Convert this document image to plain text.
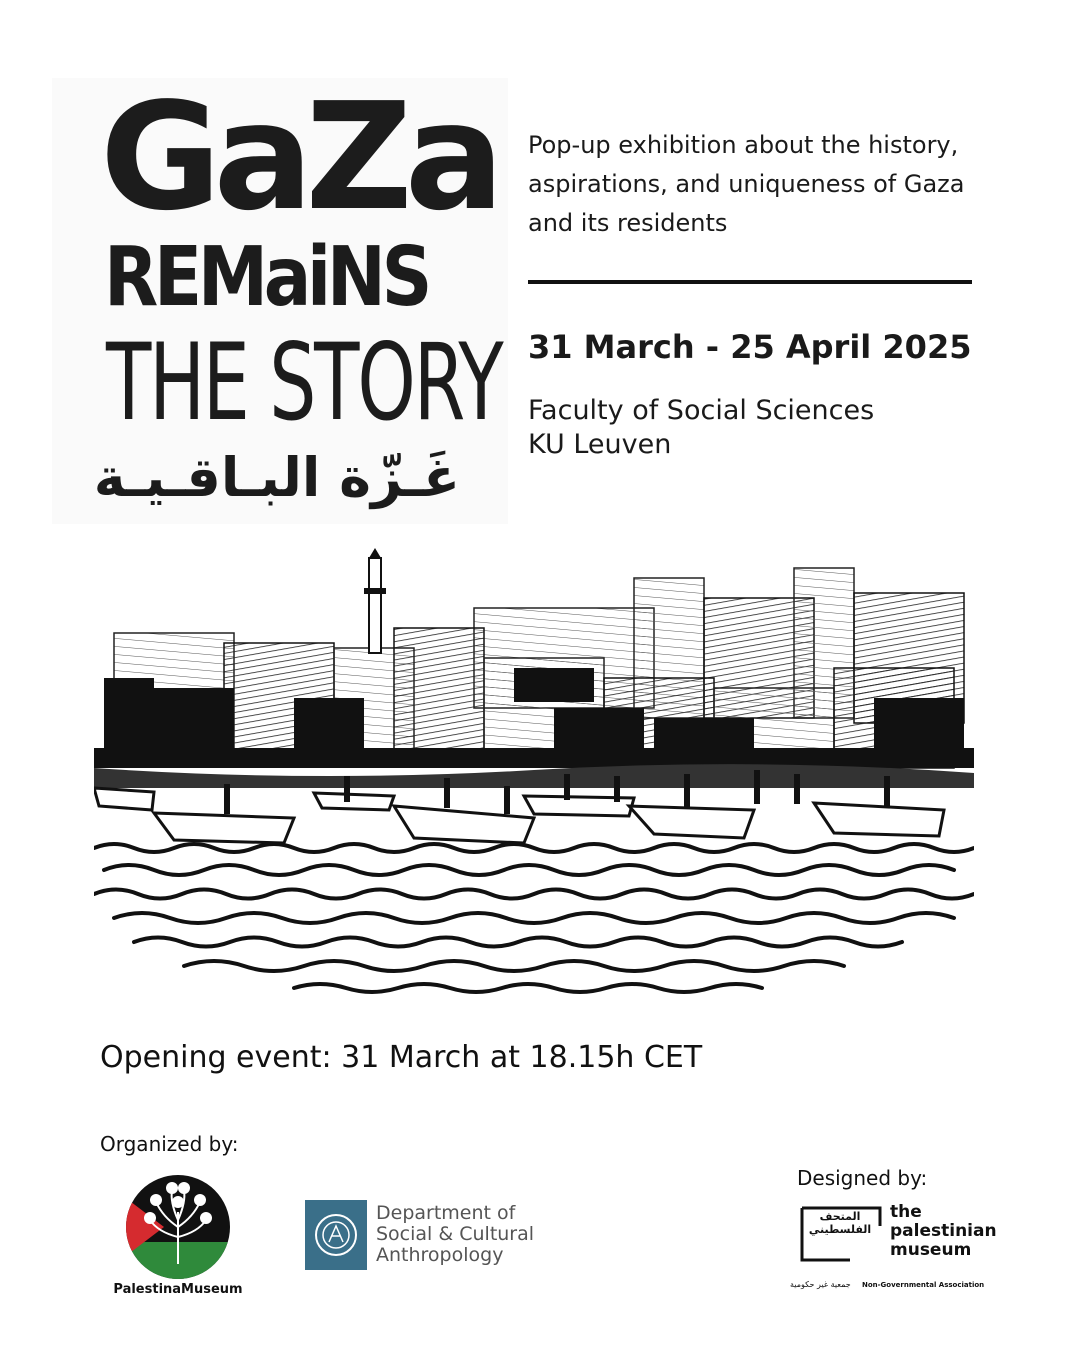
GaZa
REMaiNS
THE STORY
غَـزّة البـاقـيـة
Pop-up exhibition about the history, aspirations, and uniqueness of Gaza and its residents
31 March - 25 April 2025
Faculty of Social Sciences
KU Leuven
Opening event: 31 March at 18.15h CET
Organized by:
PalestinaMuseum
Department of
Social & Cultural
Anthropology
Designed by:
المتحف الفلسطيني
the
palestinian
museum
جمعية غير حكومية Non-Governmental Association
